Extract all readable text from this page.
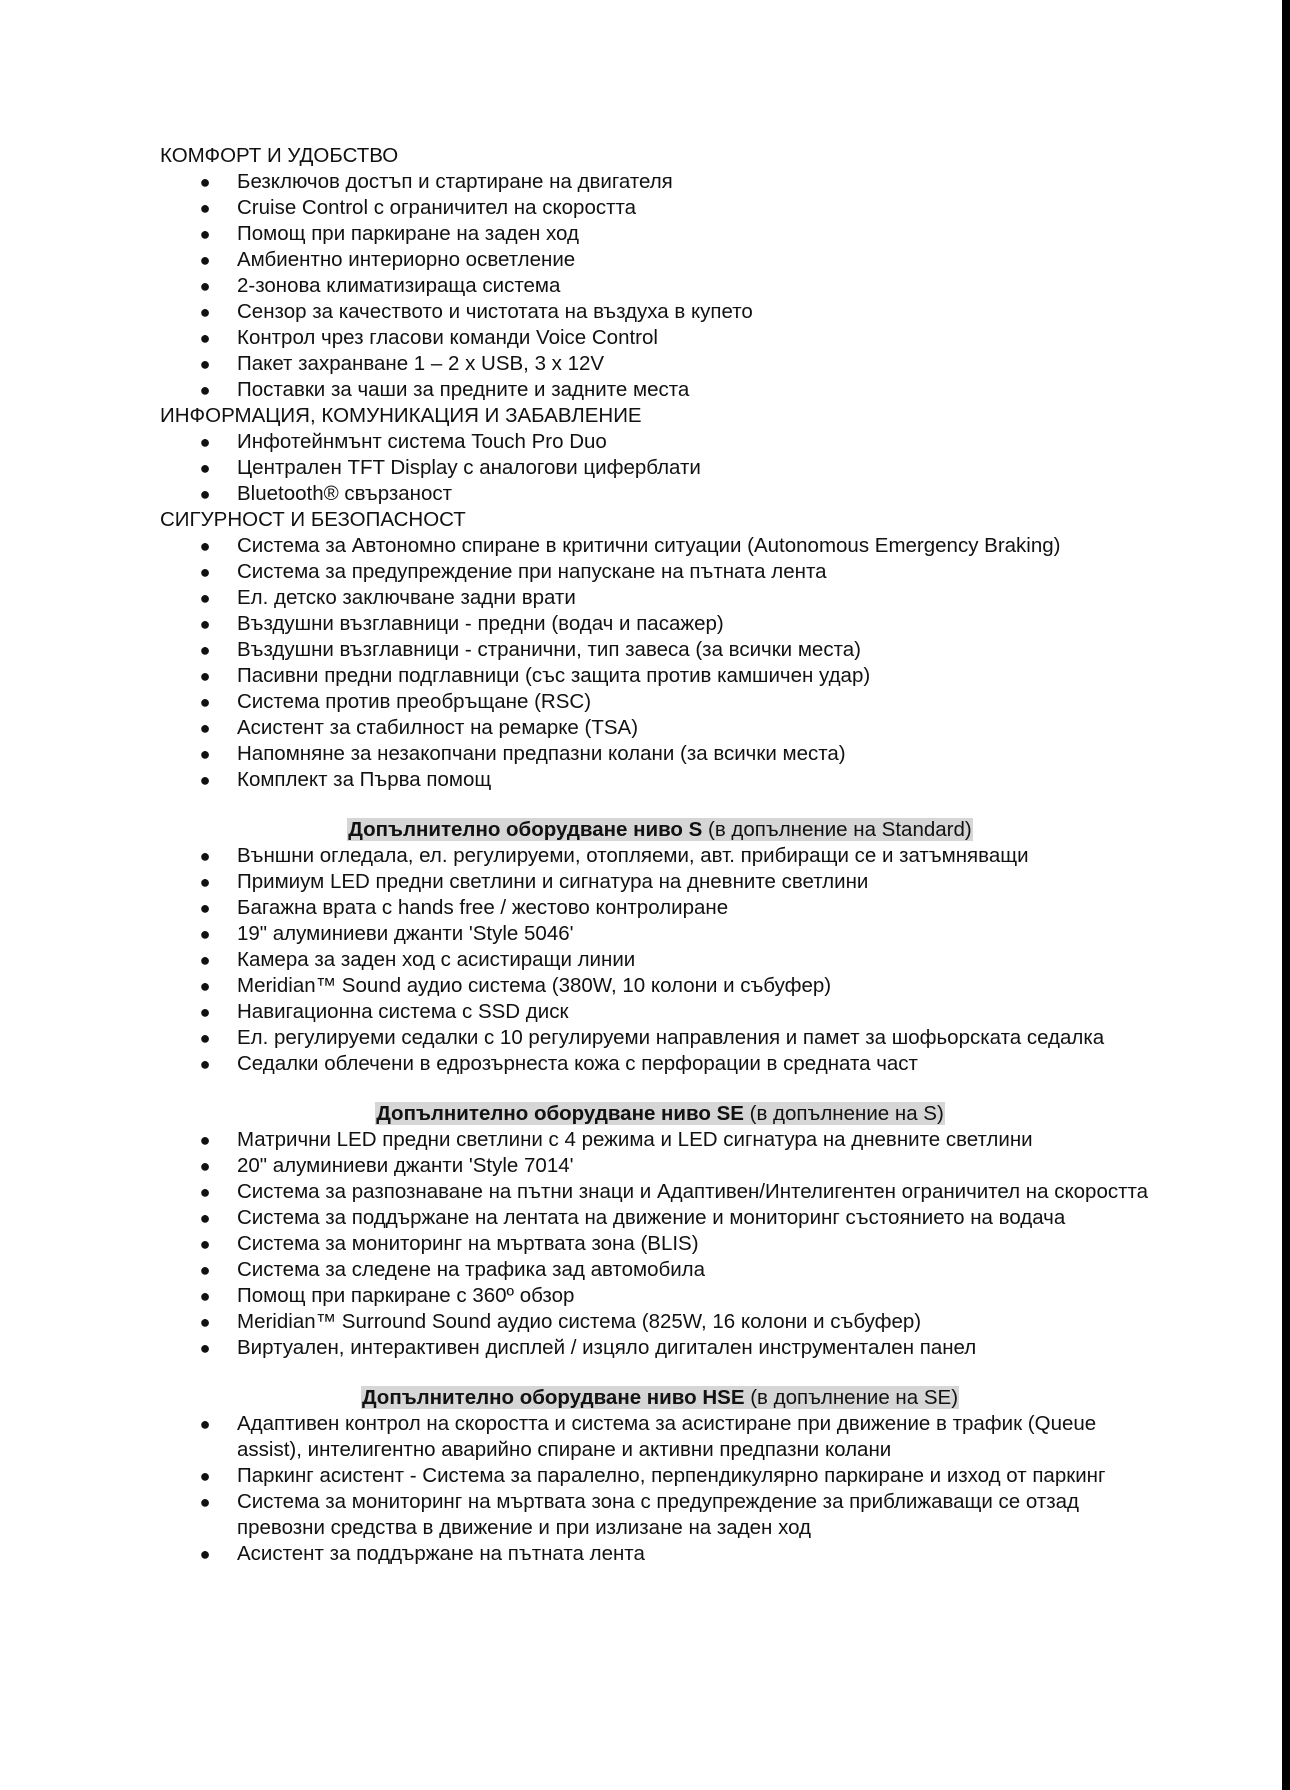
КОМФОРТ И УДОБСТВО
● Безключов достъп и стартиране на двигателя
● Cruise Control с ограничител на скоростта
● Помощ при паркиране на заден ход
● Амбиентно интериорно осветление
● 2-зонова климатизираща система
● Сензор за качеството и чистотата на въздуха в купето
● Контрол чрез гласови команди Voice Control
● Пакет захранване 1 – 2 х USB, 3 x 12V
● Поставки за чаши за предните и задните места
ИНФОРМАЦИЯ, КОМУНИКАЦИЯ И ЗАБАВЛЕНИЕ
● Инфотейнмънт система Touch Pro Duo
● Централен TFT Display с аналогови циферблати
● Bluetooth® свързаност
СИГУРНОСТ И БЕЗОПАСНОСТ
● Система за Автономно спиране в критични ситуации (Autonomous Emergency Braking)
● Система за предупреждение при напускане на пътната лента
● Ел. детско заключване задни врати
● Въздушни възглавници - предни (водач и пасажер)
● Въздушни възглавници - странични, тип завеса (за всички места)
● Пасивни предни подглавници (със защита против камшичен удар)
● Система против преобръщане (RSC)
● Асистент за стабилност на ремарке (TSA)
● Напомняне за незакопчани предпазни колани (за всички места)
● Комплект за Първа помощ
Допълнително оборудване ниво S (в допълнение на Standard)
● Външни огледала, ел. регулируеми, отопляеми, авт. прибиращи се и затъмняващи
● Примиум LED предни светлини и сигнатура на дневните светлини
● Багажна врата с hands free / жестово контролиране
● 19" алуминиеви джанти 'Style 5046'
● Камера за заден ход с асистиращи линии
● Meridian™ Sound аудио система (380W, 10 колони и събуфер)
● Навигационна система с SSD диск
● Ел. регулируеми седалки с 10 регулируеми направления и памет за шофьорската седалка
● Седалки облечени в едрозърнеста кожа с перфорации в средната част
Допълнително оборудване ниво SE (в допълнение на S)
● Матрични LED предни светлини с 4 режима и LED сигнатура на дневните светлини
● 20" алуминиеви джанти 'Style 7014'
● Система за разпознаване на пътни знаци и Адаптивен/Интелигентен ограничител на скоростта
● Система за поддържане на лентата на движение и мониторинг състоянието на водача
● Система за мониторинг на мъртвата зона (BLIS)
● Система за следене на трафика зад автомобила
● Помощ при паркиране с 360º обзор
● Meridian™ Surround Sound аудио система (825W, 16 колони и събуфер)
● Виртуален, интерактивен дисплей / изцяло дигитален инструментален панел
Допълнително оборудване ниво HSE (в допълнение на SE)
● Адаптивен контрол на скоростта и система за асистиране при движение в трафик (Queue assist), интелигентно аварийно спиране и активни предпазни колани
● Паркинг асистент - Система за паралелно, перпендикулярно паркиране и изход от паркинг
● Система за мониторинг на мъртвата зона с предупреждение за приближаващи се отзад превозни средства в движение и при излизане на заден ход
● Асистент за поддържане на пътната лента
